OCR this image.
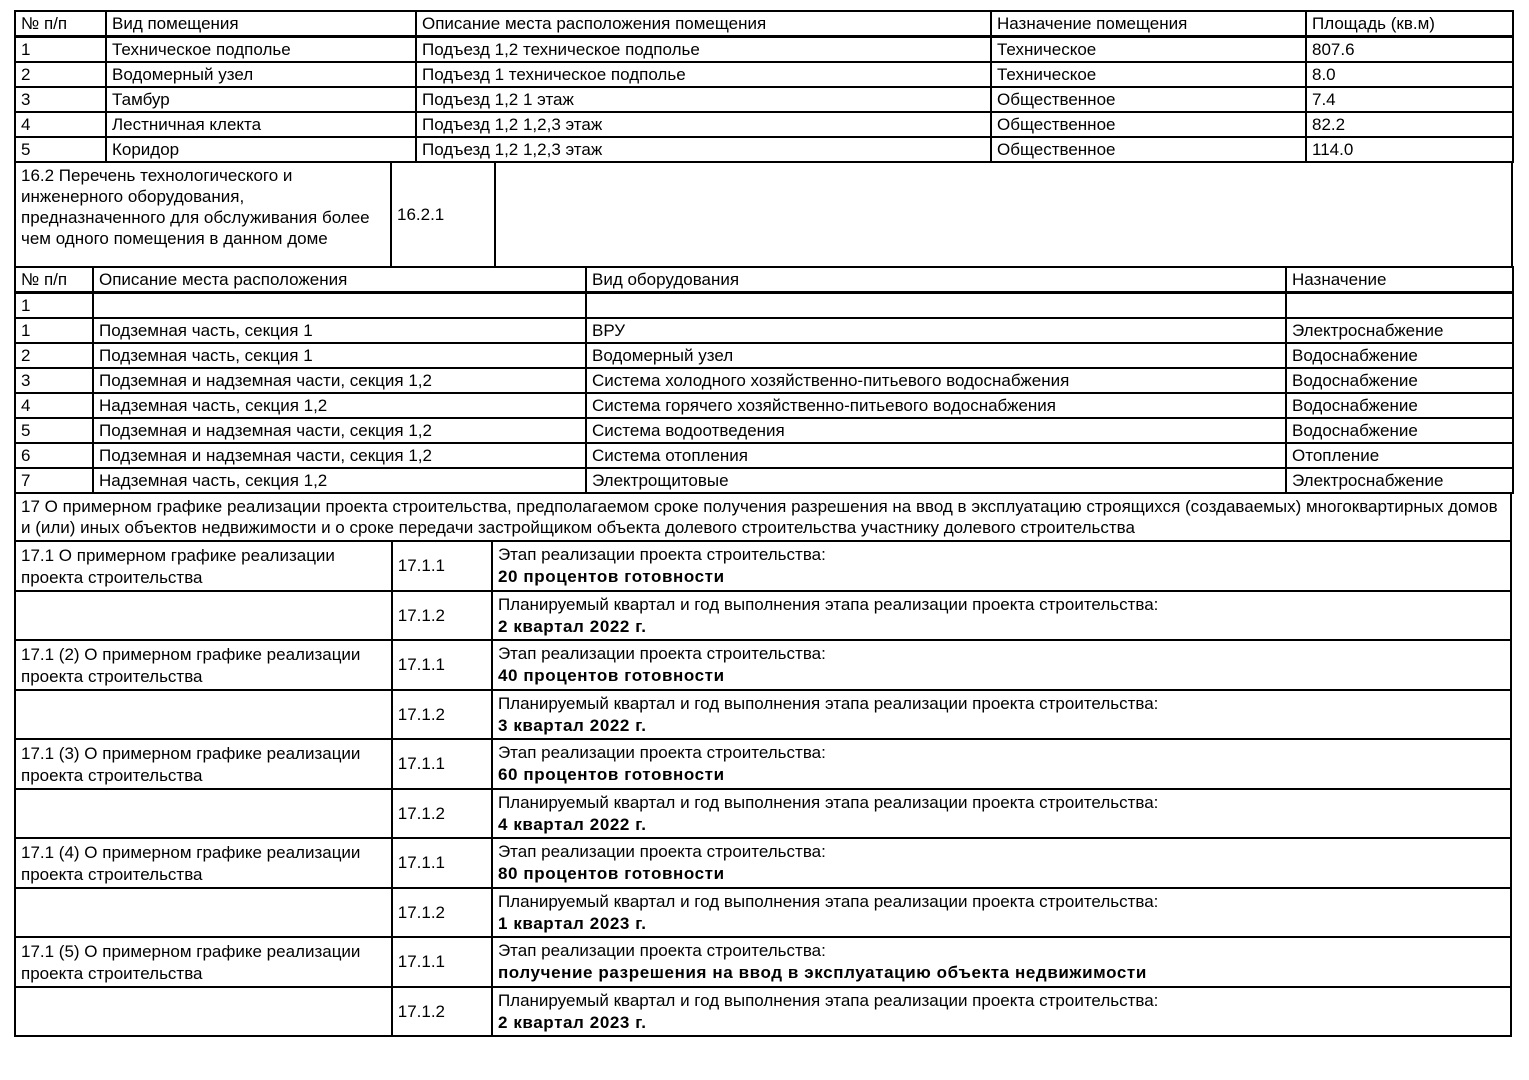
№ п/п	Вид помещения	Описание места расположения помещения	Назначение помещения	Площадь (кв.м)
1	Техническое подполье	Подъезд 1,2 техническое подполье	Техническое	807.6
2	Водомерный узел	Подъезд 1 техническое подполье	Техническое	8.0
3	Тамбур	Подъезд 1,2 1 этаж	Общественное	7.4
4	Лестничная клекта	Подъезд 1,2 1,2,3 этаж	Общественное	82.2
5	Коридор	Подъезд 1,2 1,2,3 этаж	Общественное	114.0
16.2 Перечень технологического и инженерного оборудования, предназначенного для обслуживания более чем одного помещения в данном доме	16.2.1	
№ п/п	Описание места расположения	Вид оборудования	Назначение
1			
1	Подземная часть, секция 1	ВРУ	Электроснабжение
2	Подземная часть, секция 1	Водомерный узел	Водоснабжение
3	Подземная и надземная части, секция 1,2	Система холодного хозяйственно-питьевого водоснабжения	Водоснабжение
4	Надземная часть, секция 1,2	Система горячего хозяйственно-питьевого водоснабжения	Водоснабжение
5	Подземная и надземная части, секция 1,2	Система водоотведения	Водоснабжение
6	Подземная и надземная части, секция 1,2	Система отопления	Отопление
7	Надземная часть, секция 1,2	Электрощитовые	Электроснабжение
17 О примерном графике реализации проекта строительства, предполагаемом сроке получения разрешения на ввод в эксплуатацию строящихся (создаваемых) многоквартирных домов и (или) иных объектов недвижимости и о сроке передачи застройщиком объекта долевого строительства участнику долевого строительства
17.1 О примерном графике реализации проекта строительства	17.1.1	Этап реализации проекта строительства:
20 процентов готовности

	17.1.2	Планируемый квартал и год выполнения этапа реализации проекта строительства:
2 квартал 2022 г.

17.1 (2) О примерном графике реализации проекта строительства	17.1.1	Этап реализации проекта строительства:
40 процентов готовности

	17.1.2	Планируемый квартал и год выполнения этапа реализации проекта строительства:
3 квартал 2022 г.

17.1 (3) О примерном графике реализации проекта строительства	17.1.1	Этап реализации проекта строительства:
60 процентов готовности

	17.1.2	Планируемый квартал и год выполнения этапа реализации проекта строительства:
4 квартал 2022 г.

17.1 (4) О примерном графике реализации проекта строительства	17.1.1	Этап реализации проекта строительства:
80 процентов готовности

	17.1.2	Планируемый квартал и год выполнения этапа реализации проекта строительства:
1 квартал 2023 г.

17.1 (5) О примерном графике реализации проекта строительства	17.1.1	Этап реализации проекта строительства:
получение разрешения на ввод в эксплуатацию объекта недвижимости

	17.1.2	Планируемый квартал и год выполнения этапа реализации проекта строительства:
2 квартал 2023 г.
